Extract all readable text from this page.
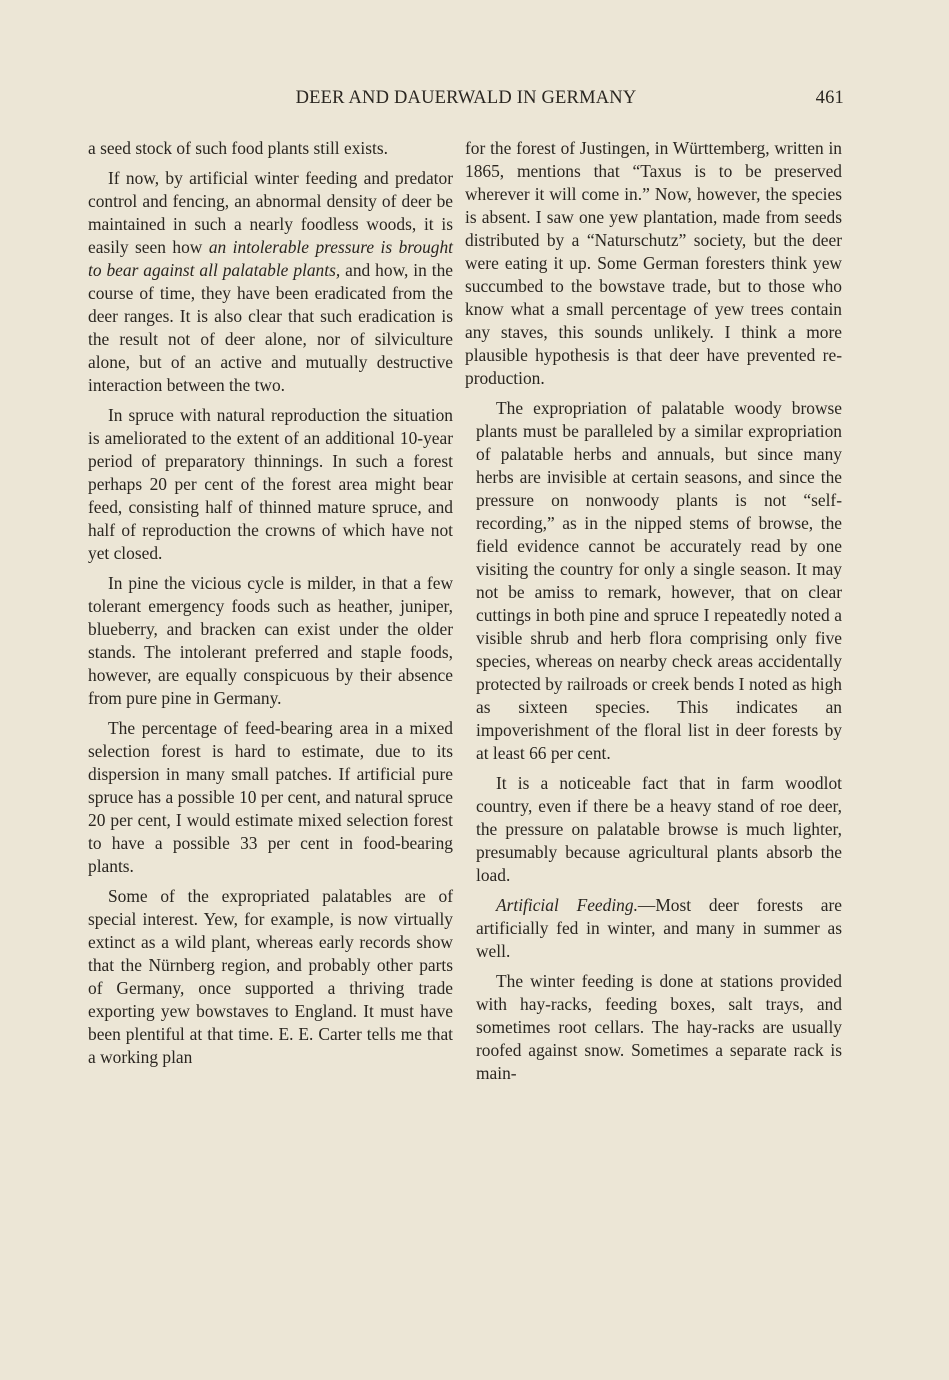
DEER AND DAUERWALD IN GERMANY	461

a seed stock of such food plants still exists.

If now, by artificial winter feeding and predator control and fencing, an abnormal density of deer be maintained in such a nearly foodless woods, it is easily seen how an intolerable pressure is brought to bear against all palatable plants, and how, in the course of time, they have been eradicated from the deer ranges. It is also clear that such eradication is the result not of deer alone, nor of silviculture alone, but of an active and mutually destructive interaction between the two.

In spruce with natural reproduction the situation is ameliorated to the extent of an additional 10-year period of preparatory thinnings. In such a forest perhaps 20 per cent of the forest area might bear feed, consisting half of thinned mature spruce, and half of reproduction the crowns of which have not yet closed.

In pine the vicious cycle is milder, in that a few tolerant emergency foods such as heather, juniper, blueberry, and bracken can exist under the older stands. The intolerant preferred and staple foods, however, are equally conspicuous by their absence from pure pine in Germany.

The percentage of feed-bearing area in a mixed selection forest is hard to estimate, due to its dispersion in many small patches. If artificial pure spruce has a possible 10 per cent, and natural spruce 20 per cent, I would estimate mixed selection forest to have a possible 33 per cent in food-bearing plants.

Some of the expropriated palatables are of special interest. Yew, for example, is now virtually extinct as a wild plant, whereas early records show that the Nürnberg region, and probably other parts of Germany, once supported a thriving trade exporting yew bowstaves to England. It must have been plentiful at that time. E. E. Carter tells me that a working plan

for the forest of Justingen, in Württemberg, written in 1865, mentions that “Taxus is to be preserved wherever it will come in.” Now, however, the species is absent. I saw one yew plantation, made from seeds distributed by a “Naturschutz” society, but the deer were eating it up. Some German foresters think yew succumbed to the bowstave trade, but to those who know what a small percentage of yew trees contain any staves, this sounds unlikely. I think a more plausible hypothesis is that deer have prevented reproduction.

The expropriation of palatable woody browse plants must be paralleled by a similar expropriation of palatable herbs and annuals, but since many herbs are invisible at certain seasons, and since the pressure on nonwoody plants is not “self-recording,” as in the nipped stems of browse, the field evidence cannot be accurately read by one visiting the country for only a single season. It may not be amiss to remark, however, that on clear cuttings in both pine and spruce I repeatedly noted a visible shrub and herb flora comprising only five species, whereas on nearby check areas accidentally protected by railroads or creek bends I noted as high as sixteen species. This indicates an impoverishment of the floral list in deer forests by at least 66 per cent.

It is a noticeable fact that in farm woodlot country, even if there be a heavy stand of roe deer, the pressure on palatable browse is much lighter, presumably because agricultural plants absorb the load.

Artificial Feeding.—Most deer forests are artificially fed in winter, and many in summer as well.

The winter feeding is done at stations provided with hay-racks, feeding boxes, salt trays, and sometimes root cellars. The hay-racks are usually roofed against snow. Sometimes a separate rack is main-
